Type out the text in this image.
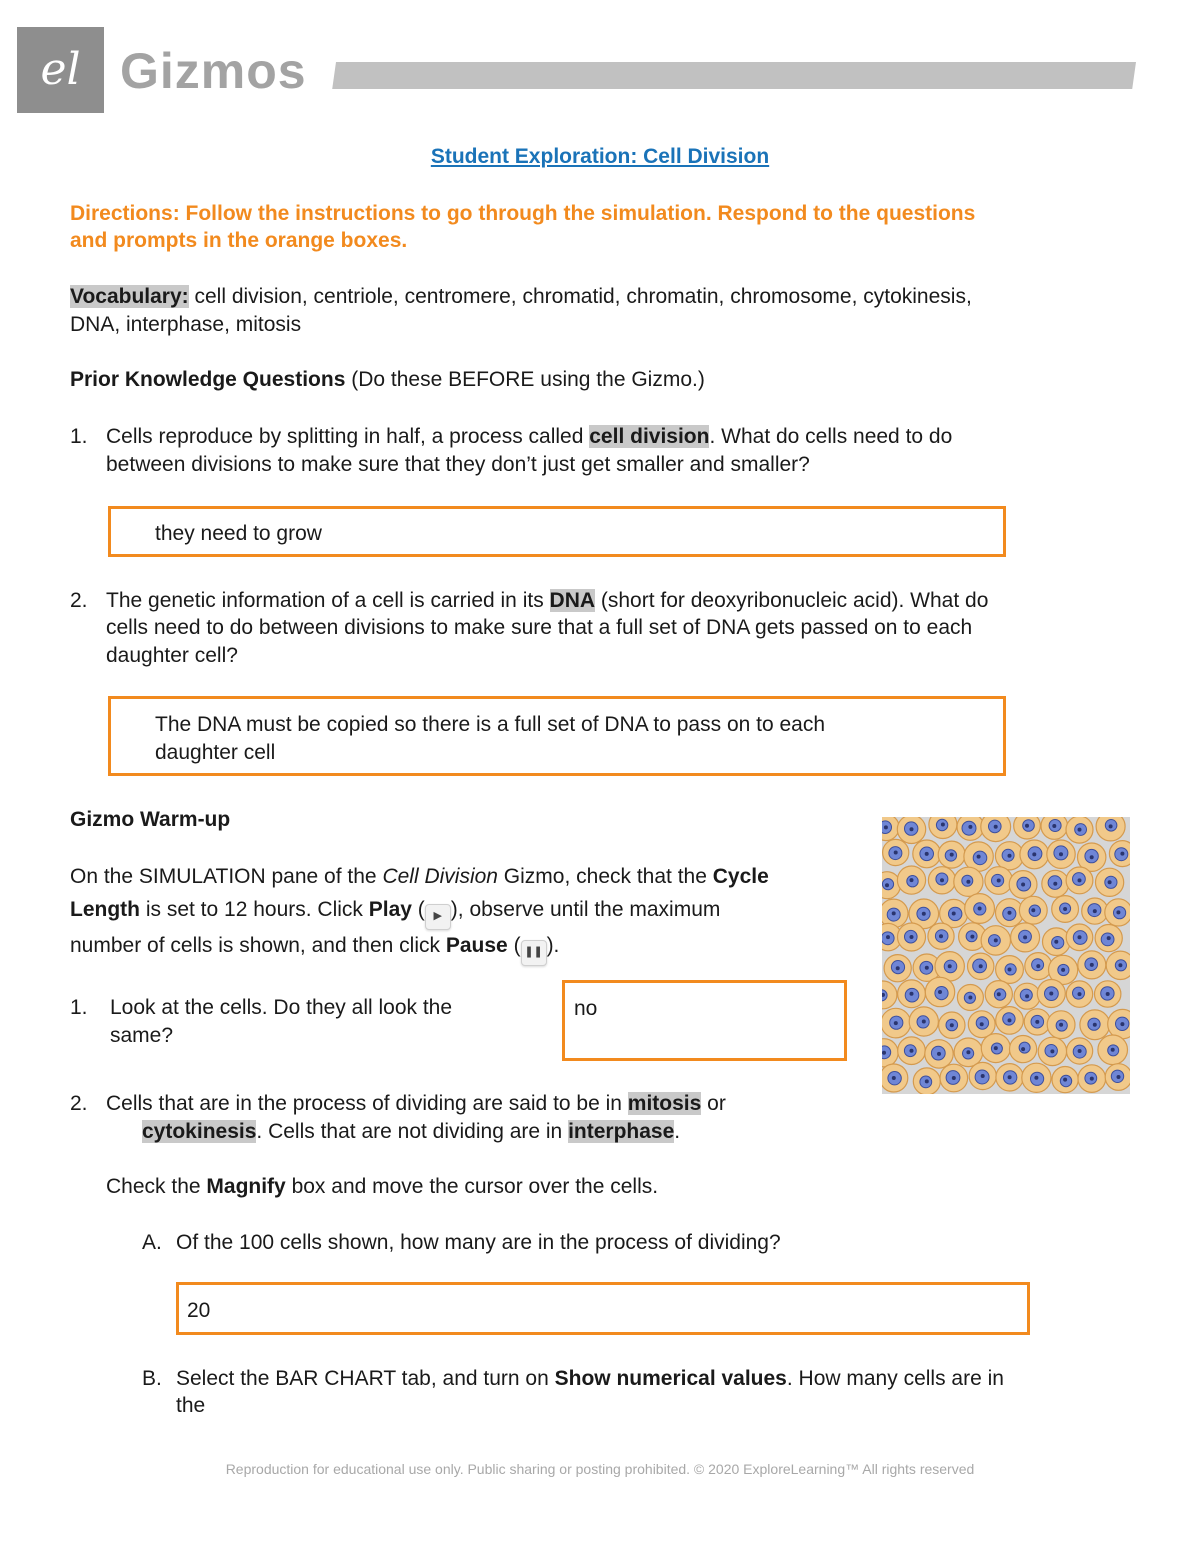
el Gizmos
Student Exploration: Cell Division
Directions: Follow the instructions to go through the simulation. Respond to the questions
and prompts in the orange boxes.
Vocabulary: cell division, centriole, centromere, chromatid, chromatin, chromosome, cytokinesis,
DNA, interphase, mitosis
Prior Knowledge Questions (Do these BEFORE using the Gizmo.)
1. Cells reproduce by splitting in half, a process called cell division. What do cells need to do
between divisions to make sure that they don’t just get smaller and smaller?
they need to grow
2. The genetic information of a cell is carried in its DNA (short for deoxyribonucleic acid). What do
cells need to do between divisions to make sure that a full set of DNA gets passed on to each
daughter cell?
The DNA must be copied so there is a full set of DNA to pass on to each
daughter cell
Gizmo Warm-up
On the SIMULATION pane of the Cell Division Gizmo, check that the Cycle
Length is set to 12 hours. Click Play ( ▶ ), observe until the maximum
number of cells is shown, and then click Pause ( ❚❚ ).
1. Look at the cells. Do they all look the
same?
no
2. Cells that are in the process of dividing are said to be in mitosis or
cytokinesis. Cells that are not dividing are in interphase.
Check the Magnify box and move the cursor over the cells.
A. Of the 100 cells shown, how many are in the process of dividing?
20
B. Select the BAR CHART tab, and turn on Show numerical values. How many cells are in
the
Reproduction for educational use only. Public sharing or posting prohibited. © 2020 ExploreLearning™ All rights reserved
